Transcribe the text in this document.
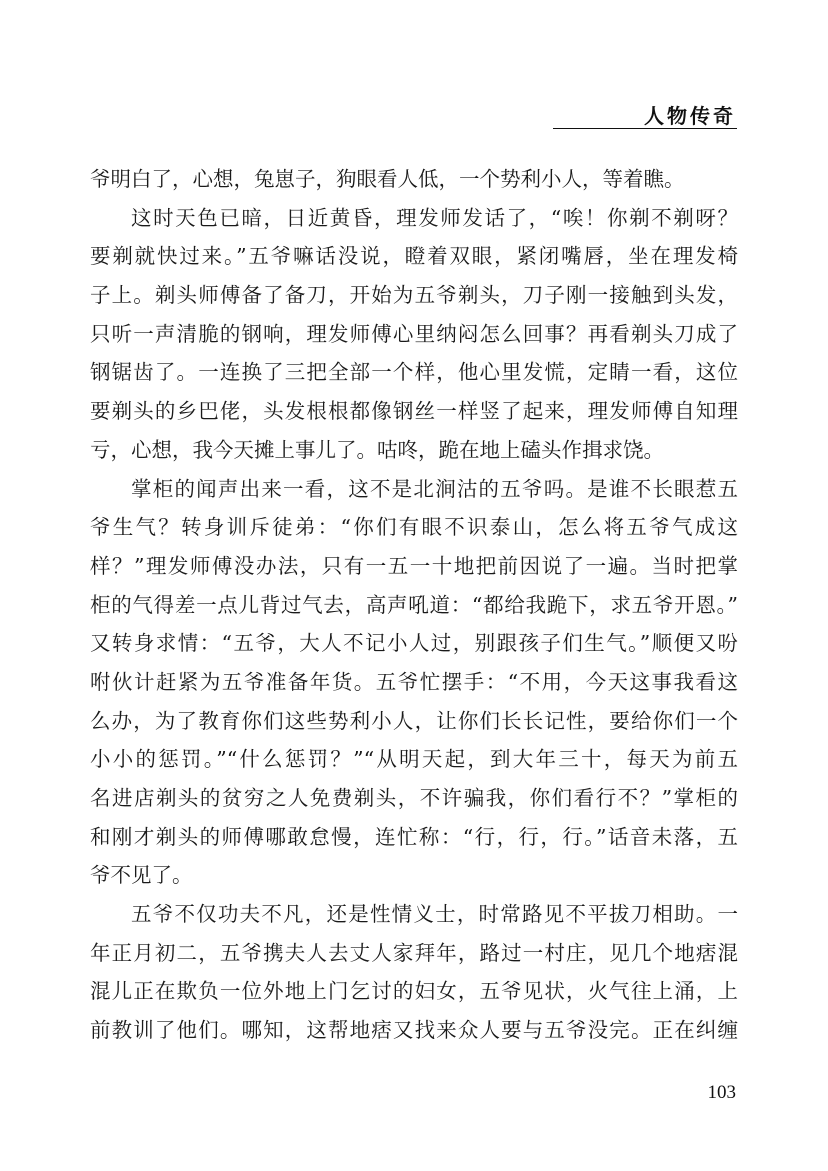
人物传奇
爷明白了，心想，兔崽子，狗眼看人低，一个势利小人，等着瞧。
这时天色已暗，日近黄昏，理发师发话了，“唉！你剃不剃呀？
要剃就快过来。”五爷嘛话没说，瞪着双眼，紧闭嘴唇，坐在理发椅
子上。剃头师傅备了备刀，开始为五爷剃头，刀子刚一接触到头发，
只听一声清脆的钢响，理发师傅心里纳闷怎么回事？再看剃头刀成了
钢锯齿了。一连换了三把全部一个样，他心里发慌，定睛一看，这位
要剃头的乡巴佬，头发根根都像钢丝一样竖了起来，理发师傅自知理
亏，心想，我今天摊上事儿了。咕咚，跪在地上磕头作揖求饶。
掌柜的闻声出来一看，这不是北涧沽的五爷吗。是谁不长眼惹五
爷生气？转身训斥徒弟：“你们有眼不识泰山，怎么将五爷气成这
样？”理发师傅没办法，只有一五一十地把前因说了一遍。当时把掌
柜的气得差一点儿背过气去，高声吼道：“都给我跪下，求五爷开恩。”
又转身求情：“五爷，大人不记小人过，别跟孩子们生气。”顺便又吩
咐伙计赶紧为五爷准备年货。五爷忙摆手：“不用，今天这事我看这
么办，为了教育你们这些势利小人，让你们长长记性，要给你们一个
小小的惩罚。”“什么惩罚？”“从明天起，到大年三十，每天为前五
名进店剃头的贫穷之人免费剃头，不许骗我，你们看行不？”掌柜的
和刚才剃头的师傅哪敢怠慢，连忙称：“行，行，行。”话音未落，五
爷不见了。
五爷不仅功夫不凡，还是性情义士，时常路见不平拔刀相助。一
年正月初二，五爷携夫人去丈人家拜年，路过一村庄，见几个地痞混
混儿正在欺负一位外地上门乞讨的妇女，五爷见状，火气往上涌，上
前教训了他们。哪知，这帮地痞又找来众人要与五爷没完。正在纠缠
103
